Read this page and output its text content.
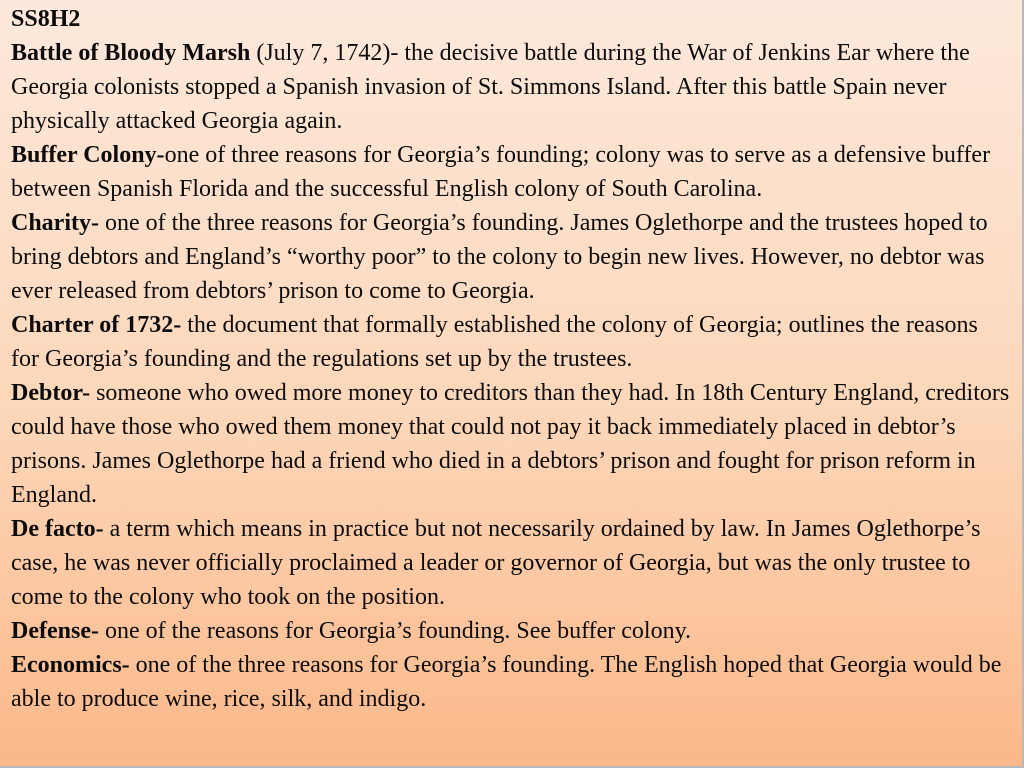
SS8H2

Battle of Bloody Marsh (July 7, 1742)- the decisive battle during the War of Jenkins Ear where the Georgia colonists stopped a Spanish invasion of St. Simmons Island. After this battle Spain never physically attacked Georgia again.

Buffer Colony-one of three reasons for Georgia’s founding; colony was to serve as a defensive buffer between Spanish Florida and the successful English colony of South Carolina.

Charity- one of the three reasons for Georgia’s founding. James Oglethorpe and the trustees hoped to bring debtors and England’s “worthy poor” to the colony to begin new lives. However, no debtor was ever released from debtors’ prison to come to Georgia.

Charter of 1732- the document that formally established the colony of Georgia; outlines the reasons for Georgia’s founding and the regulations set up by the trustees.

Debtor- someone who owed more money to creditors than they had. In 18th Century England, creditors could have those who owed them money that could not pay it back immediately placed in debtor’s prisons. James Oglethorpe had a friend who died in a debtors’ prison and fought for prison reform in England.

De facto- a term which means in practice but not necessarily ordained by law. In James Oglethorpe’s case, he was never officially proclaimed a leader or governor of Georgia, but was the only trustee to come to the colony who took on the position.

Defense- one of the reasons for Georgia’s founding. See buffer colony.

Economics- one of the three reasons for Georgia’s founding. The English hoped that Georgia would be able to produce wine, rice, silk, and indigo.
